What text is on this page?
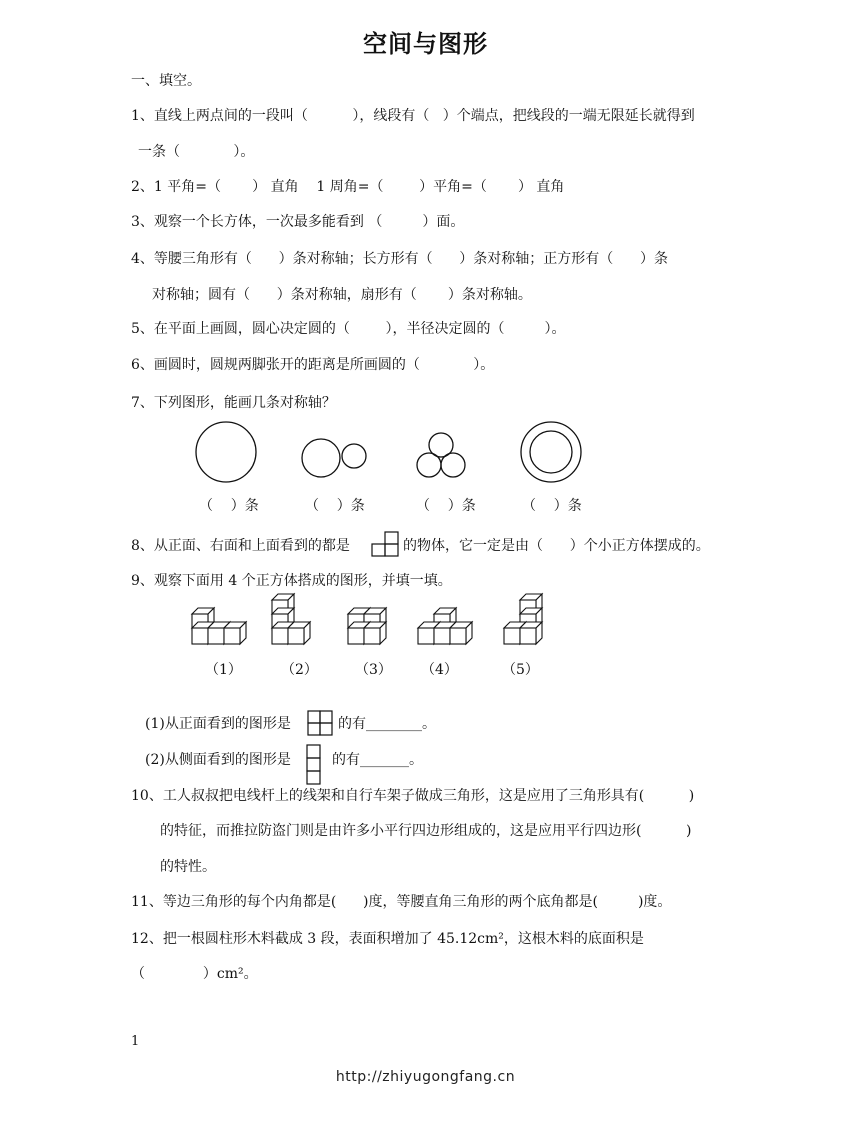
空间与图形
一、填空。
1、直线上两点间的一段叫（          ），线段有（   ）个端点，把线段的一端无限延长就得到
一条（            ）。
2、1 平角=（       ） 直角    1 周角=（        ）平角=（       ） 直角
3、观察一个长方体，一次最多能看到 （         ）面。
4、等腰三角形有（      ）条对称轴；长方形有（      ）条对称轴；正方形有（      ）条
对称轴；圆有（      ）条对称轴，扇形有（       ）条对称轴。
5、在平面上画圆，圆心决定圆的（        ），半径决定圆的（         ）。
6、画圆时，圆规两脚张开的距离是所画圆的（            ）。
7、下列图形，能画几条对称轴？
（    ）条	（    ）条	（    ）条	（    ）条
8、从正面、右面和上面看到的都是	的物体，它一定是由（      ）个小正方体摆成的。
9、观察下面用 4 个正方体搭成的图形，并填一填。
（1）	（2）	（3） （4）	（5）
(1)从正面看到的图形是	的有________。
(2)从侧面看到的图形是	的有_______。
10、工人叔叔把电线杆上的线架和自行车架子做成三角形，这是应用了三角形具有(          )
的特征，而推拉防盗门则是由许多小平行四边形组成的，这是应用平行四边形(          )
的特性。
11、等边三角形的每个内角都是(      )度，等腰直角三角形的两个底角都是(         )度。
12、把一根圆柱形木料截成 3 段，表面积增加了 45.12cm²，这根木料的底面积是
（             ）cm²。
1
http://zhiyugongfang.cn
